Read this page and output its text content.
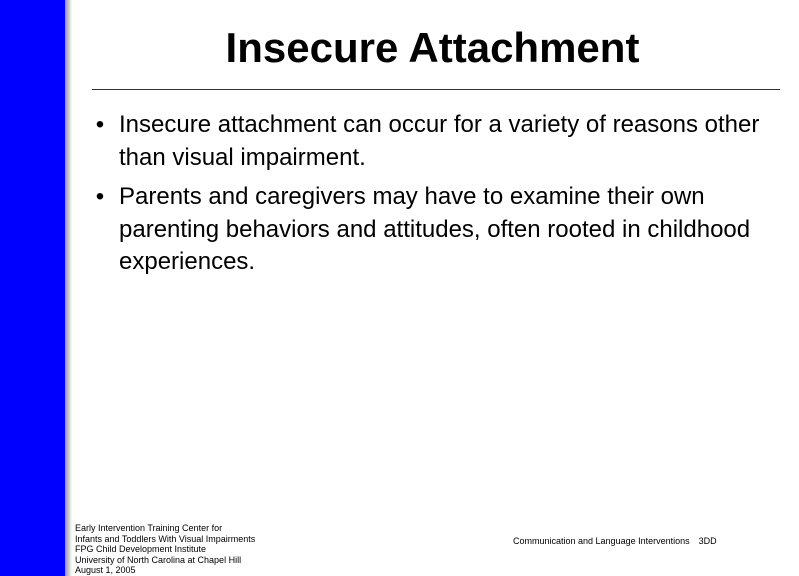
Insecure Attachment
• Insecure attachment can occur for a variety of reasons other than visual impairment.
• Parents and caregivers may have to examine their own parenting behaviors and attitudes, often rooted in childhood experiences.
Early Intervention Training Center for
Infants and Toddlers With Visual Impairments
FPG Child Development Institute
University of North Carolina at Chapel Hill
August 1, 2005
Communication and Language Interventions 3DD
